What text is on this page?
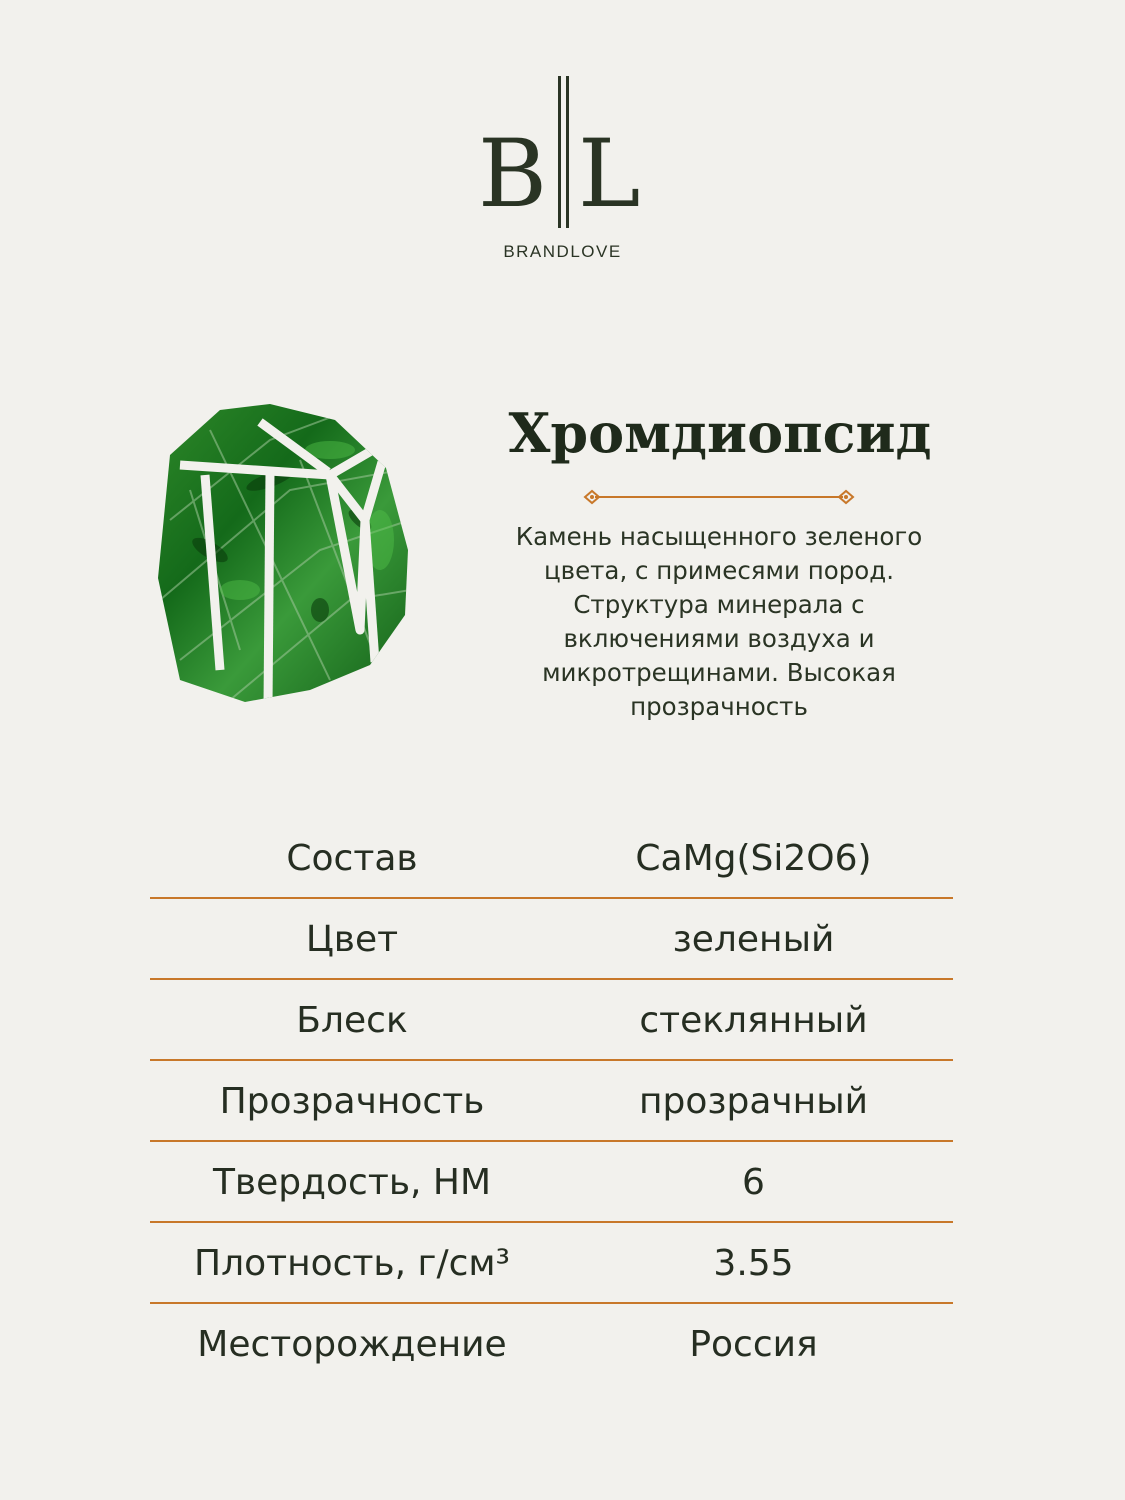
B L
BRANDLOVE
Хромдиопсид
Камень насыщенного зеленого цвета, с примесями пород. Структура минерала с включениями воздуха и микротрещинами. Высокая прозрачность
Состав	CaMg(Si2O6)
Цвет	зеленый
Блеск	стеклянный
Прозрачность	прозрачный
Твердость, НМ	6
Плотность, г/см³	3.55
Месторождение	Россия
